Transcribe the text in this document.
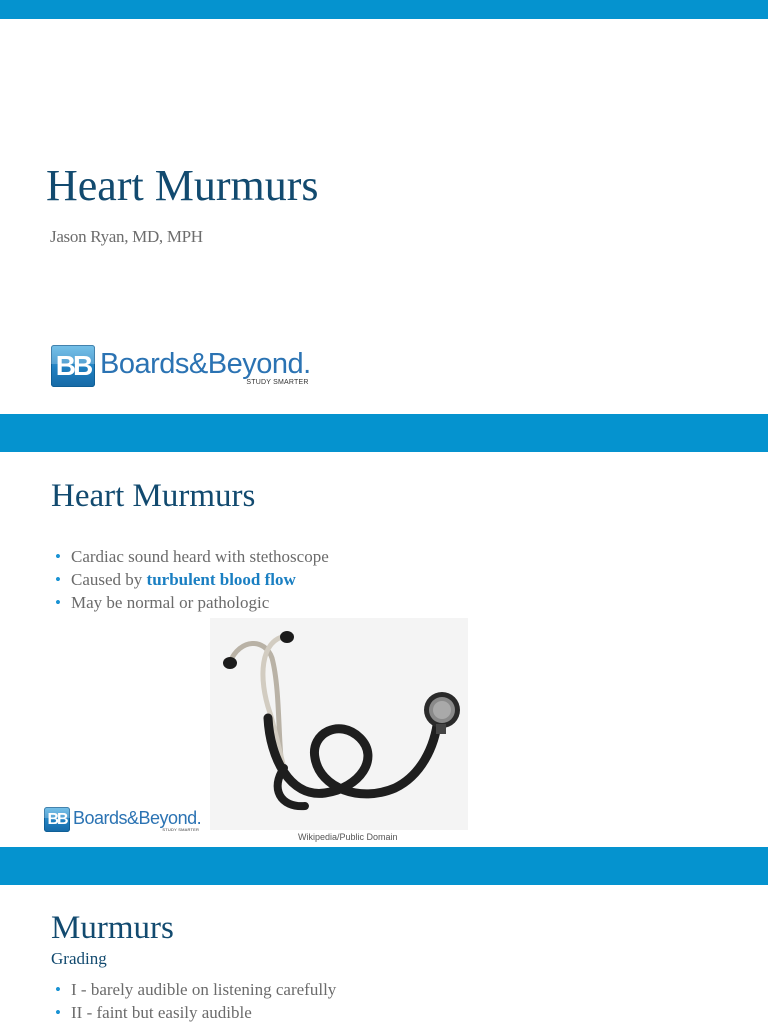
Heart Murmurs
Jason Ryan, MD, MPH
BB Boards&Beyond.
STUDY SMARTER
Heart Murmurs
• Cardiac sound heard with stethoscope
• Caused by turbulent blood flow
• May be normal or pathologic
Wikipedia/Public Domain
BB Boards&Beyond.
STUDY SMARTER
Murmurs
Grading
• I - barely audible on listening carefully
• II - faint but easily audible
